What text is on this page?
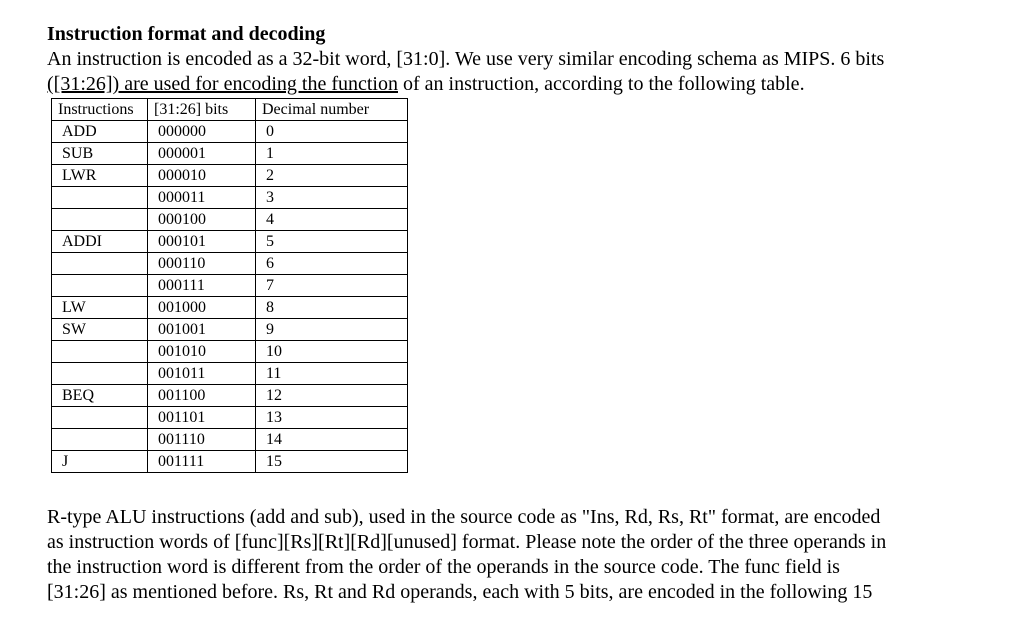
Instruction format and decoding

An instruction is encoded as a 32-bit word, [31:0]. We use very similar encoding schema as MIPS. 6 bits
([31:26]) are used for encoding the function of an instruction, according to the following table.

Instructions	[31:26] bits	Decimal number
ADD	000000	0
SUB	000001	1
LWR	000010	2
	000011	3
	000100	4
ADDI	000101	5
	000110	6
	000111	7
LW	001000	8
SW	001001	9
	001010	10
	001011	11
BEQ	001100	12
	001101	13
	001110	14
J	001111	15

R-type ALU instructions (add and sub), used in the source code as "Ins, Rd, Rs, Rt" format, are encoded
as instruction words of [func][Rs][Rt][Rd][unused] format. Please note the order of the three operands in
the instruction word is different from the order of the operands in the source code. The func field is
[31:26] as mentioned before. Rs, Rt and Rd operands, each with 5 bits, are encoded in the following 15
